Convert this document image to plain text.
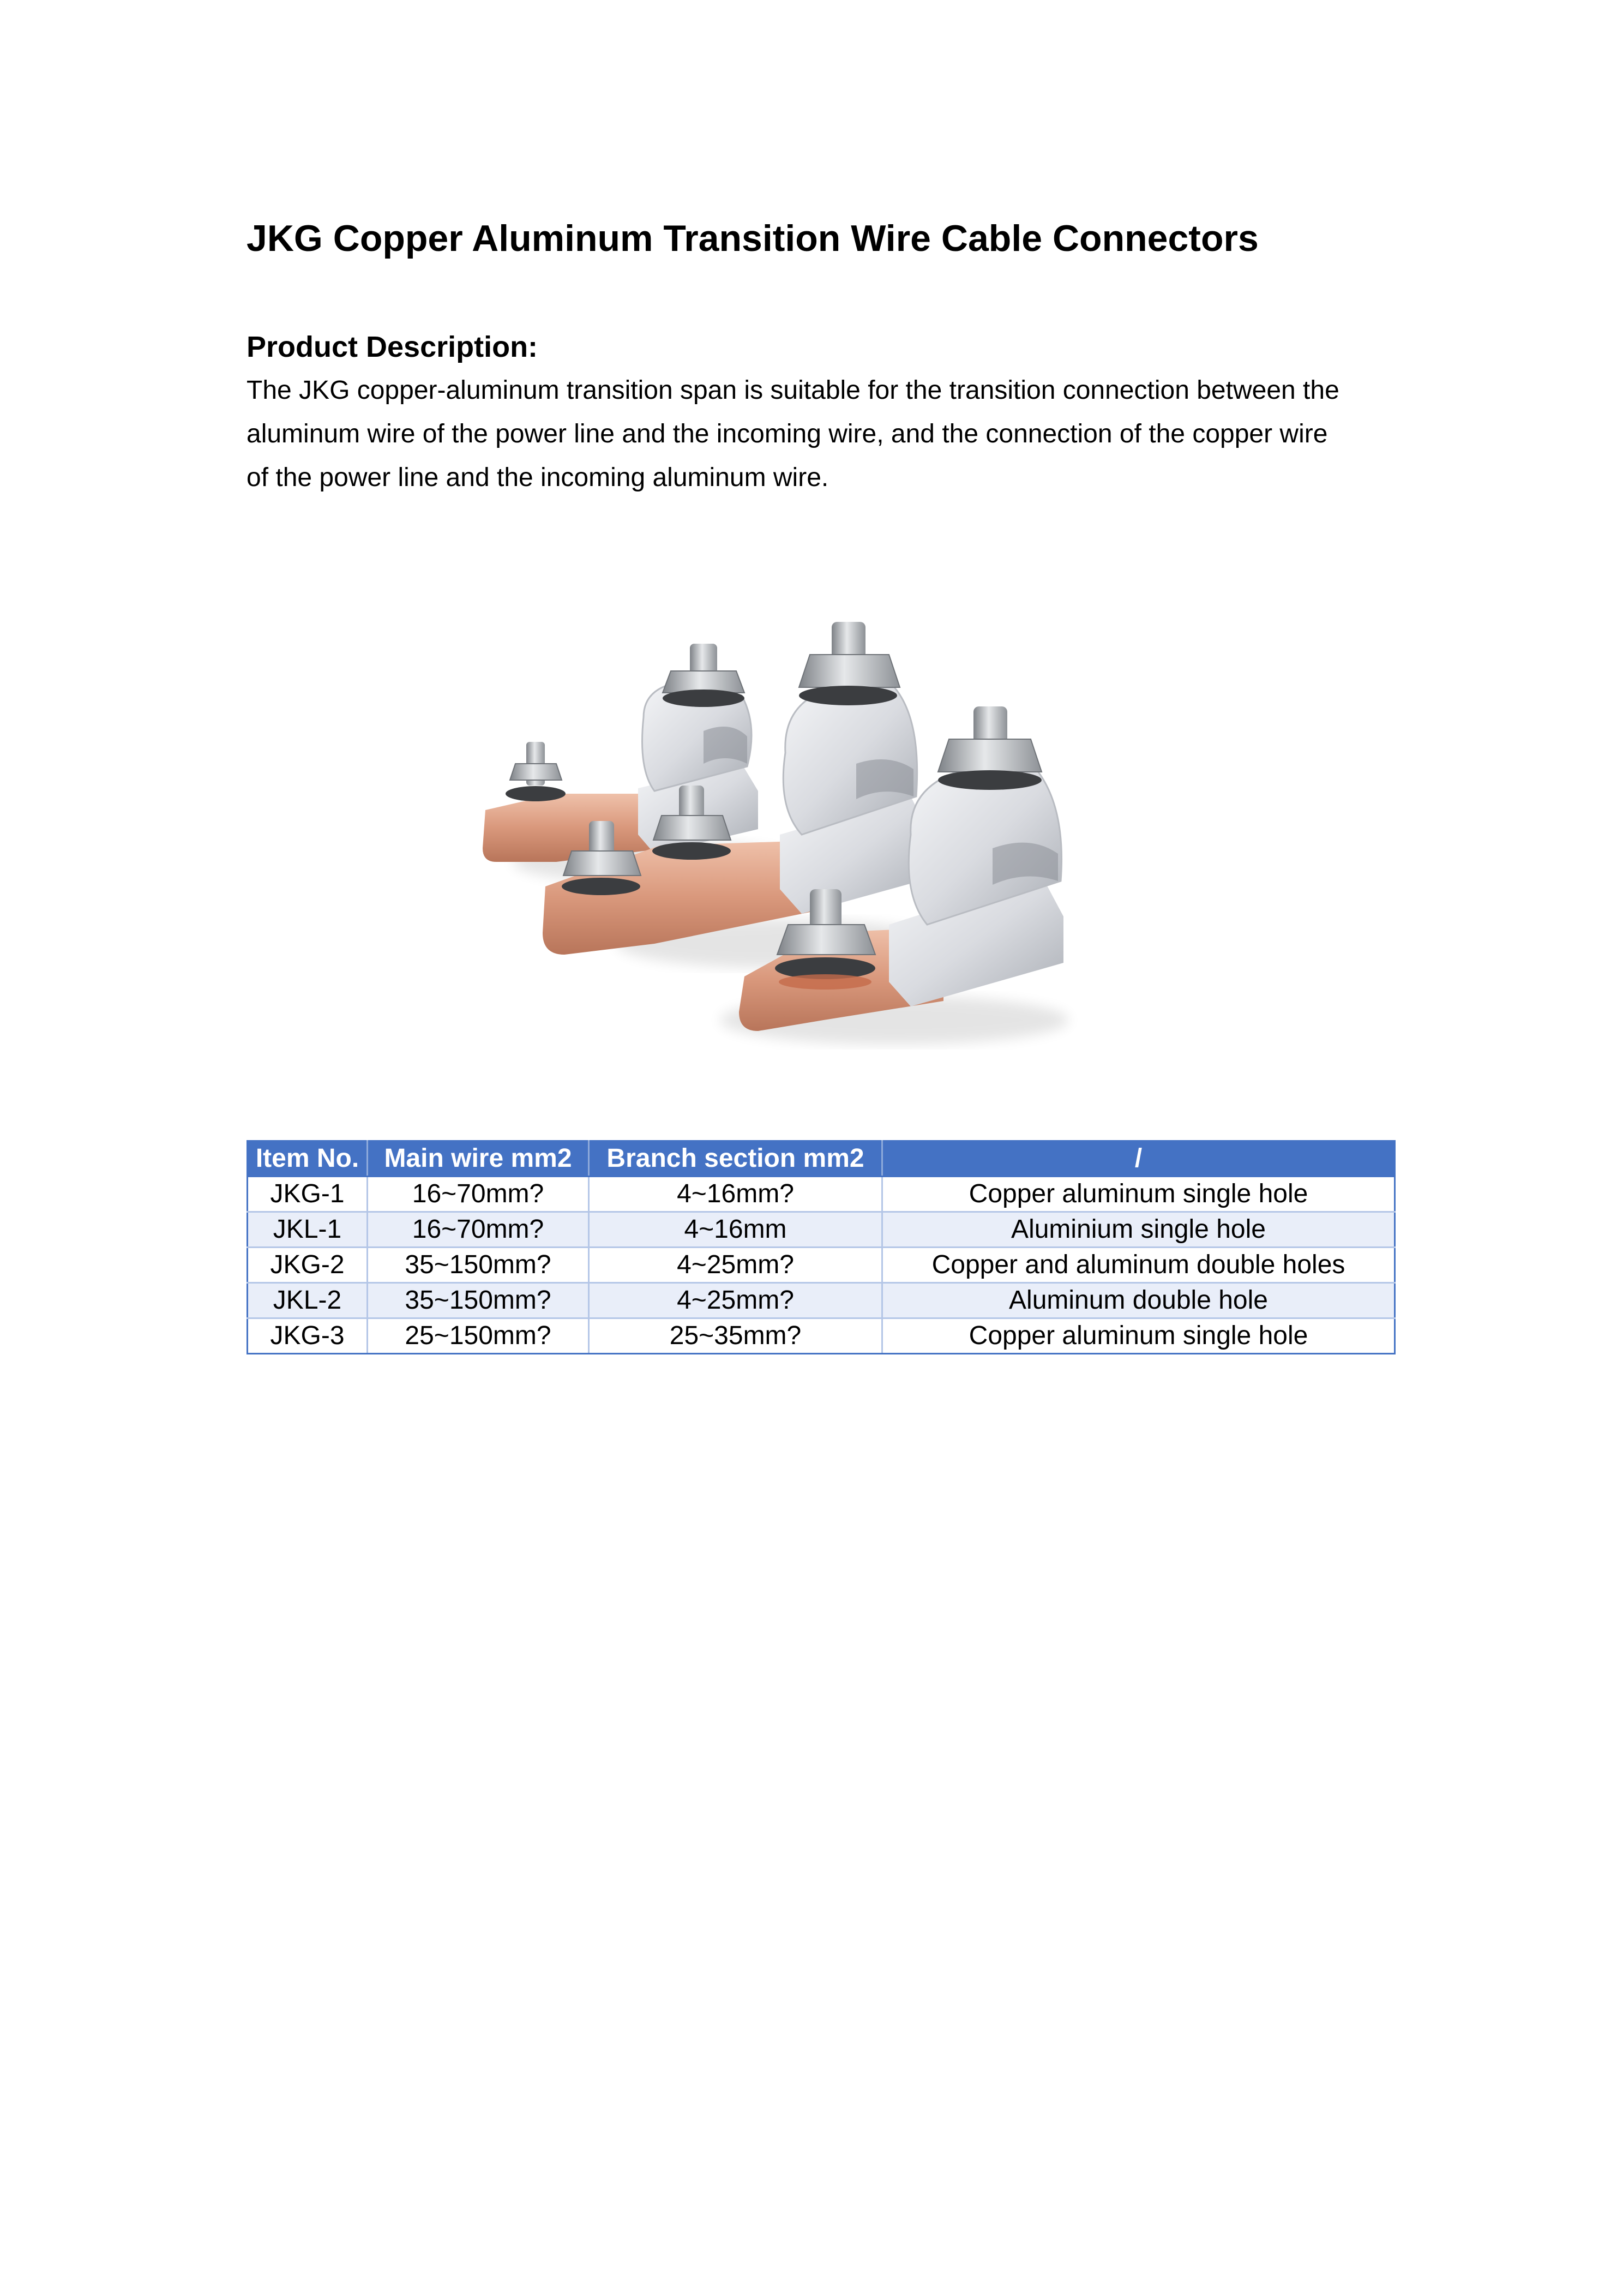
JKG Copper Aluminum Transition Wire Cable Connectors
Product Description:

The JKG copper-aluminum transition span is suitable for the transition connection between the
aluminum wire of the power line and the incoming wire, and the connection of the copper wire
of the power line and the incoming aluminum wire.

Item No.	Main wire mm2	Branch section mm2	/
JKG-1	16~70mm?	4~16mm?	Copper aluminum single hole
JKL-1	16~70mm?	4~16mm	Aluminium single hole
JKG-2	35~150mm?	4~25mm?	Copper and aluminum double holes
JKL-2	35~150mm?	4~25mm?	Aluminum double hole
JKG-3	25~150mm?	25~35mm?	Copper aluminum single hole
